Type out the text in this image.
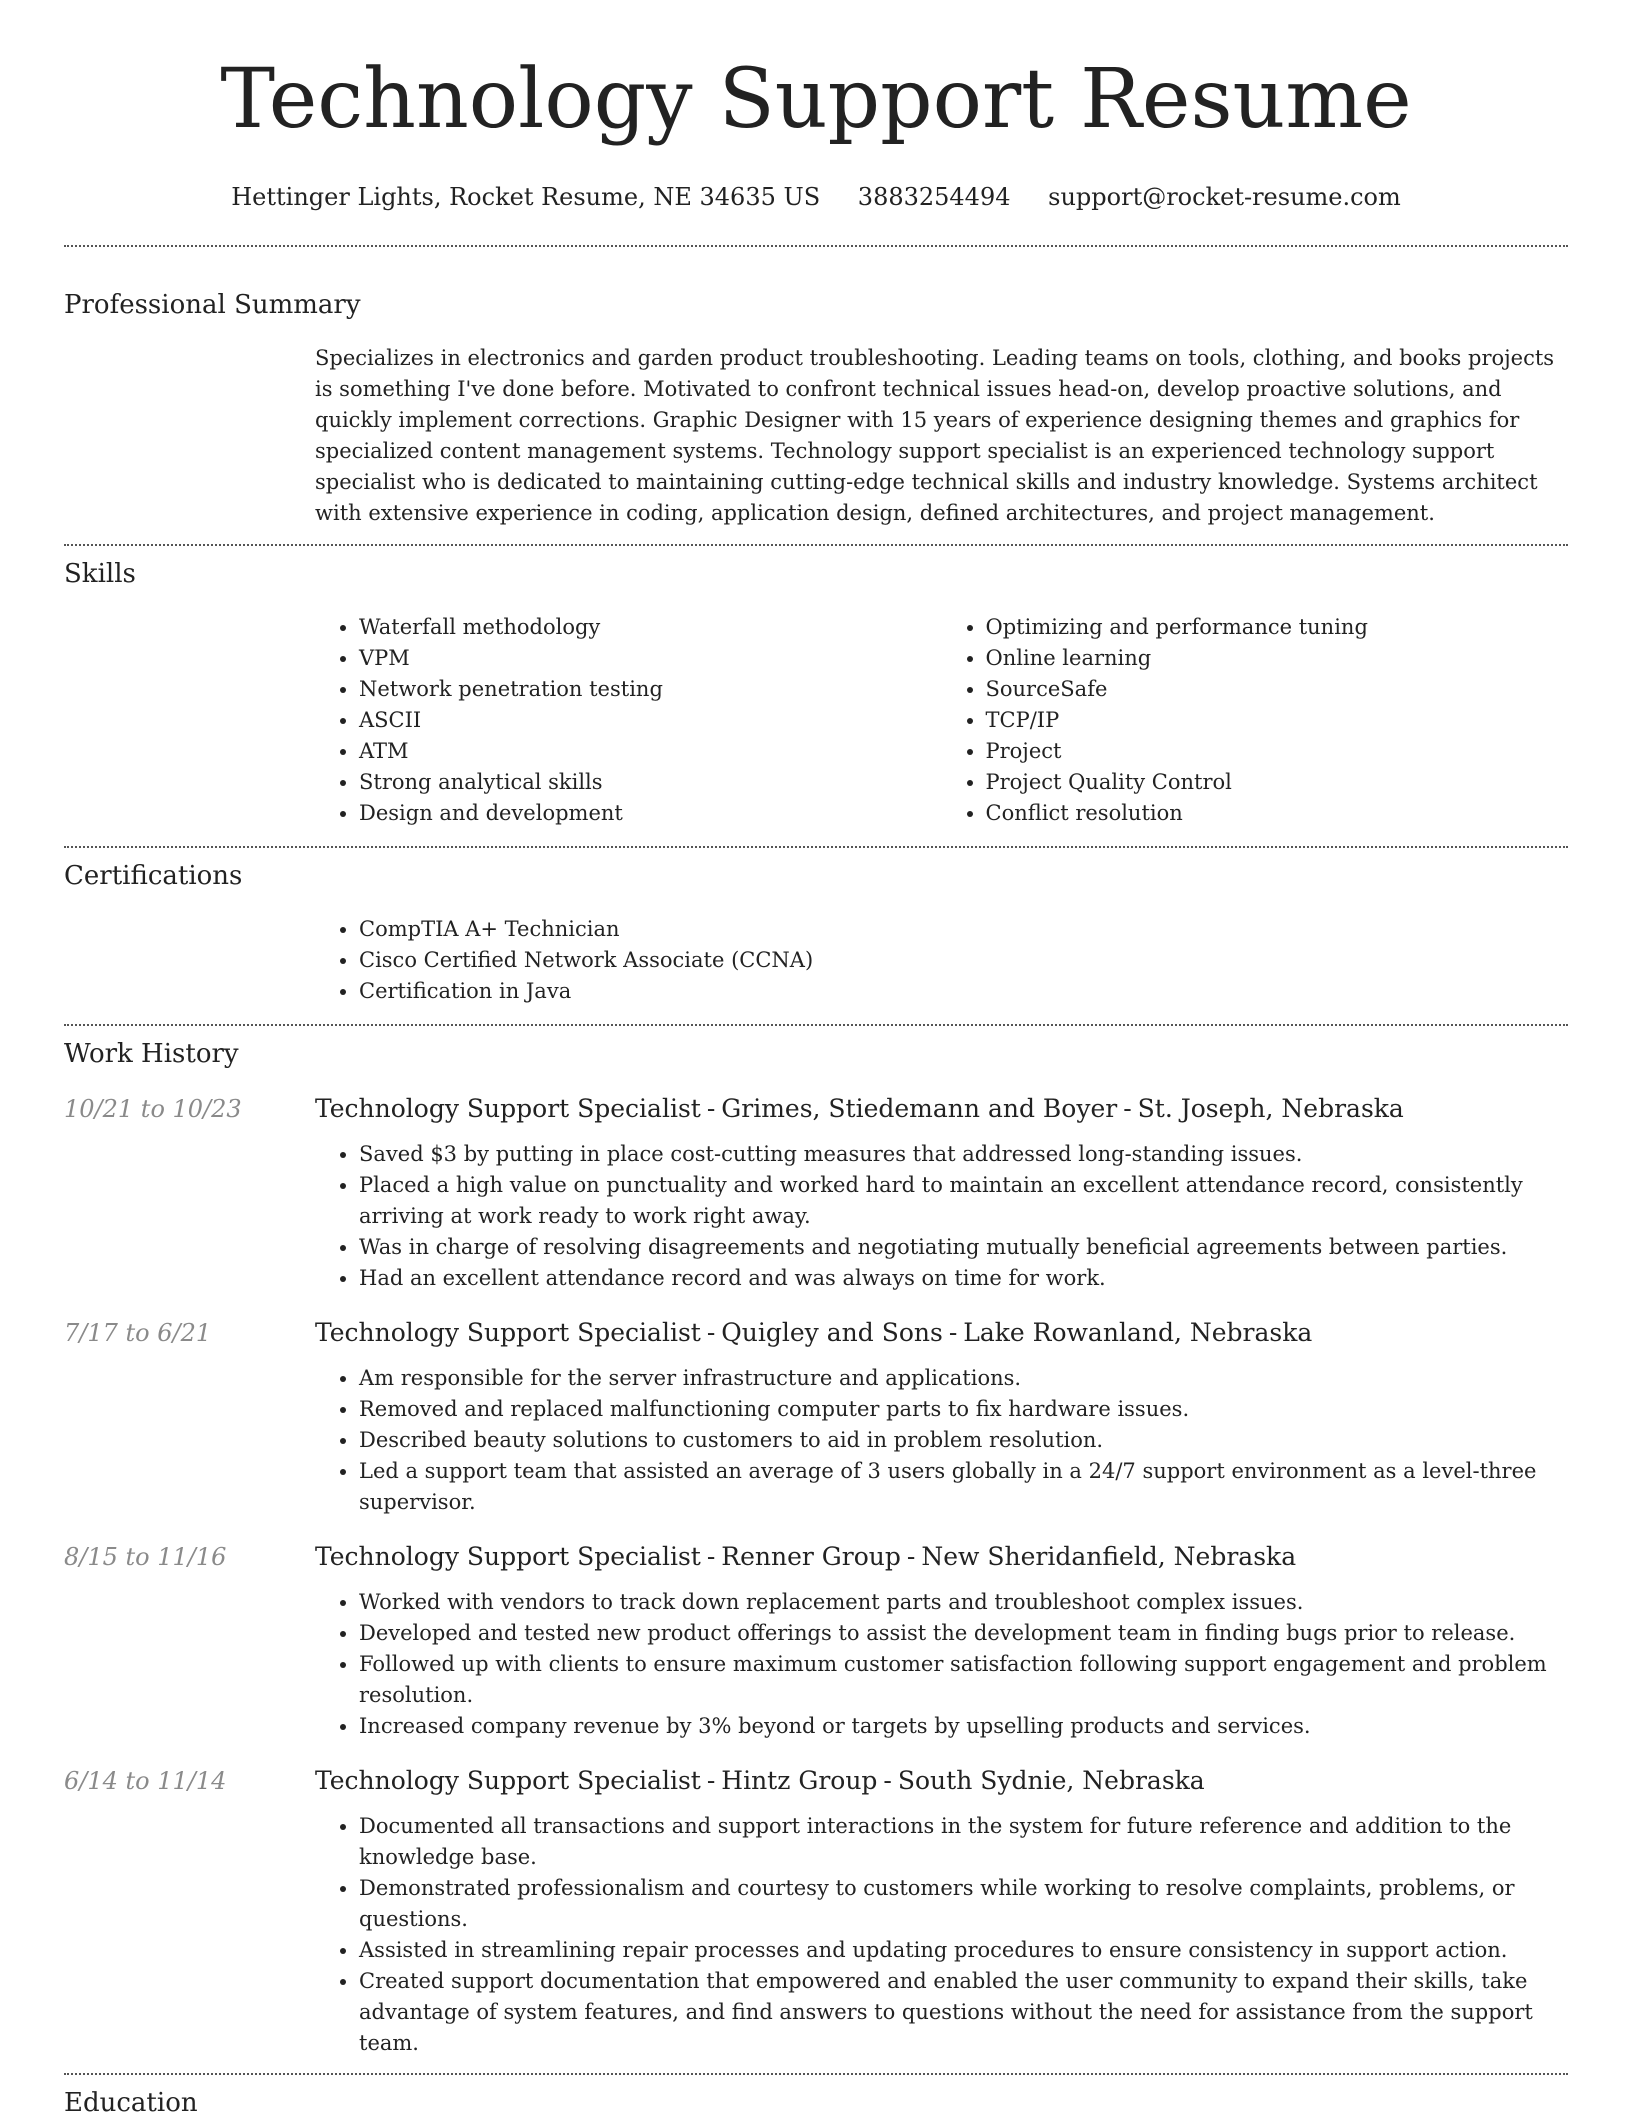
Technology Support Resume
Hettinger Lights, Rocket Resume, NE 34635 US 3883254494 support@rocket-resume.com
Professional Summary

Specializes in electronics and garden product troubleshooting. Leading teams on tools, clothing, and books projects is something I've done before. Motivated to confront technical issues head-on, develop proactive solutions, and quickly implement corrections. Graphic Designer with 15 years of experience designing themes and graphics for specialized content management systems. Technology support specialist is an experienced technology support specialist who is dedicated to maintaining cutting-edge technical skills and industry knowledge. Systems architect with extensive experience in coding, application design, defined architectures, and project management.

Skills
• Waterfall methodology
• VPM
• Network penetration testing
• ASCII
• ATM
• Strong analytical skills
• Design and development
• Optimizing and performance tuning
• Online learning
• SourceSafe
• TCP/IP
• Project
• Project Quality Control
• Conflict resolution
Certifications
• CompTIA A+ Technician
• Cisco Certified Network Associate (CCNA)
• Certification in Java
Work History
10/21 to 10/23	Technology Support Specialist - Grimes, Stiedemann and Boyer - St. Joseph, Nebraska
• Saved $3 by putting in place cost-cutting measures that addressed long-standing issues.
• Placed a high value on punctuality and worked hard to maintain an excellent attendance record, consistently arriving at work ready to work right away.
• Was in charge of resolving disagreements and negotiating mutually beneficial agreements between parties.
• Had an excellent attendance record and was always on time for work.
7/17 to 6/21	Technology Support Specialist - Quigley and Sons - Lake Rowanland, Nebraska
• Am responsible for the server infrastructure and applications.
• Removed and replaced malfunctioning computer parts to fix hardware issues.
• Described beauty solutions to customers to aid in problem resolution.
• Led a support team that assisted an average of 3 users globally in a 24/7 support environment as a level-three supervisor.
8/15 to 11/16	Technology Support Specialist - Renner Group - New Sheridanfield, Nebraska
• Worked with vendors to track down replacement parts and troubleshoot complex issues.
• Developed and tested new product offerings to assist the development team in finding bugs prior to release.
• Followed up with clients to ensure maximum customer satisfaction following support engagement and problem resolution.
• Increased company revenue by 3% beyond or targets by upselling products and services.
6/14 to 11/14	Technology Support Specialist - Hintz Group - South Sydnie, Nebraska
• Documented all transactions and support interactions in the system for future reference and addition to the knowledge base.
• Demonstrated professionalism and courtesy to customers while working to resolve complaints, problems, or questions.
• Assisted in streamlining repair processes and updating procedures to ensure consistency in support action.
• Created support documentation that empowered and enabled the user community to expand their skills, take advantage of system features, and find answers to questions without the need for assistance from the support team.
Education
